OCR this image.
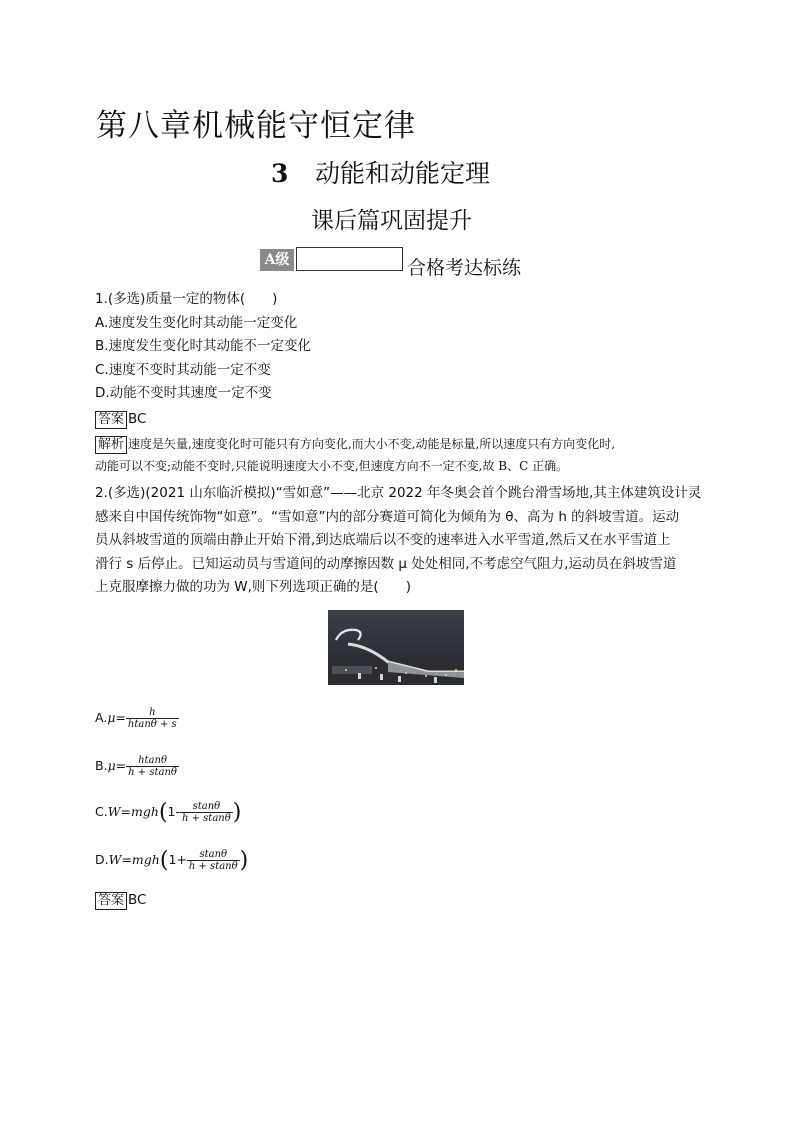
第八章机械能守恒定律
3 动能和动能定理
课后篇巩固提升
A级	合格考达标练
1.(多选)质量一定的物体(　　)
A.速度发生变化时其动能一定变化
B.速度发生变化时其动能不一定变化
C.速度不变时其动能一定不变
D.动能不变时其速度一定不变
答案 BC
解析 速度是矢量,速度变化时可能只有方向变化,而大小不变,动能是标量,所以速度只有方向变化时,
动能可以不变;动能不变时,只能说明速度大小不变,但速度方向不一定不变,故 B、C 正确。
2.(多选)(2021 山东临沂模拟)“雪如意”——北京 2022 年冬奥会首个跳台滑雪场地,其主体建筑设计灵
感来自中国传统饰物“如意”。“雪如意”内的部分赛道可简化为倾角为 θ、高为 h 的斜坡雪道。运动
员从斜坡雪道的顶端由静止开始下滑,到达底端后以不变的速率进入水平雪道,然后又在水平雪道上
滑行 s 后停止。已知运动员与雪道间的动摩擦因数 μ 处处相同,不考虑空气阻力,运动员在斜坡雪道
上克服摩擦力做的功为 W,则下列选项正确的是(　　)
$A.\mu= \frac{h}{htan\theta + s}$
$B.\mu= \frac{htan\theta}{h + stan\theta}$
$C.W=mgh(1- \frac{stan\theta}{h + stan\theta}$ )
$D.W=mgh(1+ \frac{stan\theta}{h + stan\theta}$ )
答案 BC
